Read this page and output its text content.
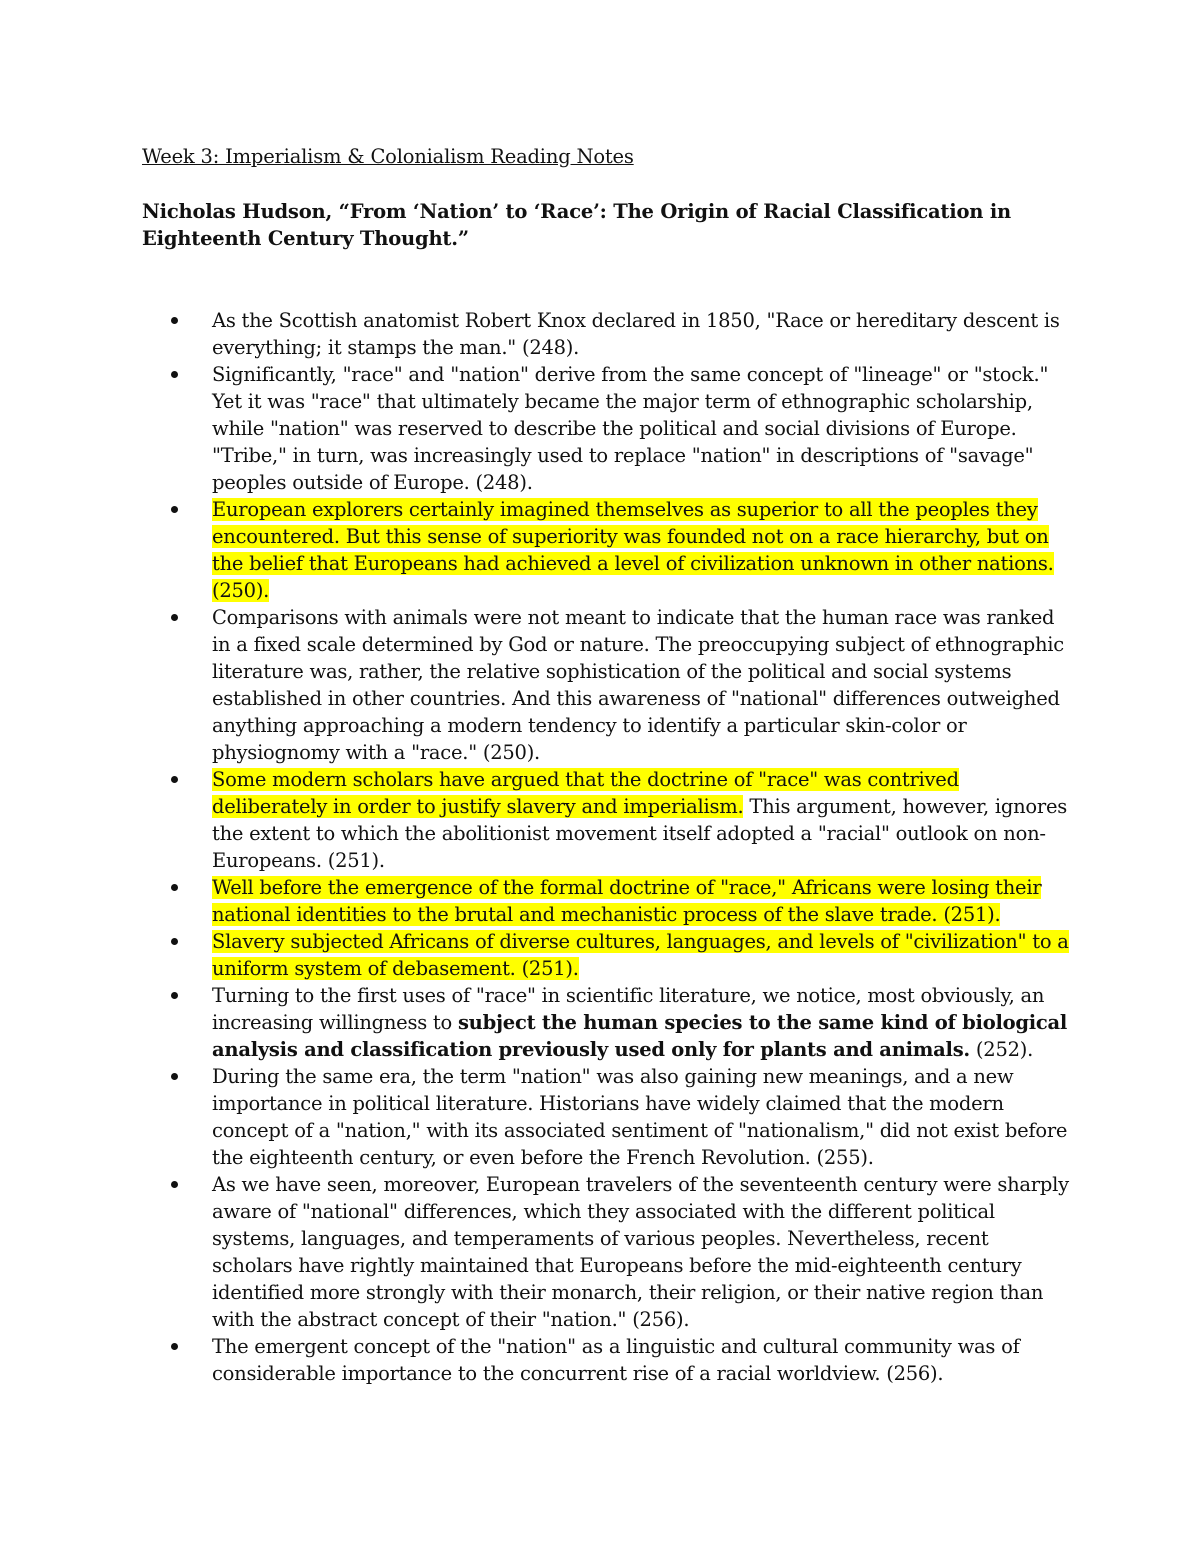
Week 3: Imperialism & Colonialism Reading Notes
Nicholas Hudson, “From ‘Nation’ to ‘Race’: The Origin of Racial Classification in Eighteenth Century Thought.”
As the Scottish anatomist Robert Knox declared in 1850, "Race or hereditary descent is everything; it stamps the man." (248).
Significantly, "race" and "nation" derive from the same concept of "lineage" or "stock." Yet it was "race" that ultimately became the major term of ethnographic scholarship, while "nation" was reserved to describe the political and social divisions of Europe. "Tribe," in turn, was increasingly used to replace "nation" in descriptions of "savage" peoples outside of Europe. (248).
European explorers certainly imagined themselves as superior to all the peoples they encountered. But this sense of superiority was founded not on a race hierarchy, but on the belief that Europeans had achieved a level of civilization unknown in other nations. (250).
Comparisons with animals were not meant to indicate that the human race was ranked in a fixed scale determined by God or nature. The preoccupying subject of ethnographic literature was, rather, the relative sophistication of the political and social systems established in other countries. And this awareness of "national" differences outweighed anything approaching a modern tendency to identify a particular skin-color or physiognomy with a "race." (250).
Some modern scholars have argued that the doctrine of "race" was contrived deliberately in order to justify slavery and imperialism. This argument, however, ignores the extent to which the abolitionist movement itself adopted a "racial" outlook on non-Europeans. (251).
Well before the emergence of the formal doctrine of "race," Africans were losing their national identities to the brutal and mechanistic process of the slave trade. (251).
Slavery subjected Africans of diverse cultures, languages, and levels of "civilization" to a uniform system of debasement. (251).
Turning to the first uses of "race" in scientific literature, we notice, most obviously, an increasing willingness to subject the human species to the same kind of biological analysis and classification previously used only for plants and animals. (252).
During the same era, the term "nation" was also gaining new meanings, and a new importance in political literature. Historians have widely claimed that the modern concept of a "nation," with its associated sentiment of "nationalism," did not exist before the eighteenth century, or even before the French Revolution. (255).
As we have seen, moreover, European travelers of the seventeenth century were sharply aware of "national" differences, which they associated with the different political systems, languages, and temperaments of various peoples. Nevertheless, recent scholars have rightly maintained that Europeans before the mid-eighteenth century identified more strongly with their monarch, their religion, or their native region than with the abstract concept of their "nation." (256).
The emergent concept of the "nation" as a linguistic and cultural community was of considerable importance to the concurrent rise of a racial worldview. (256).
